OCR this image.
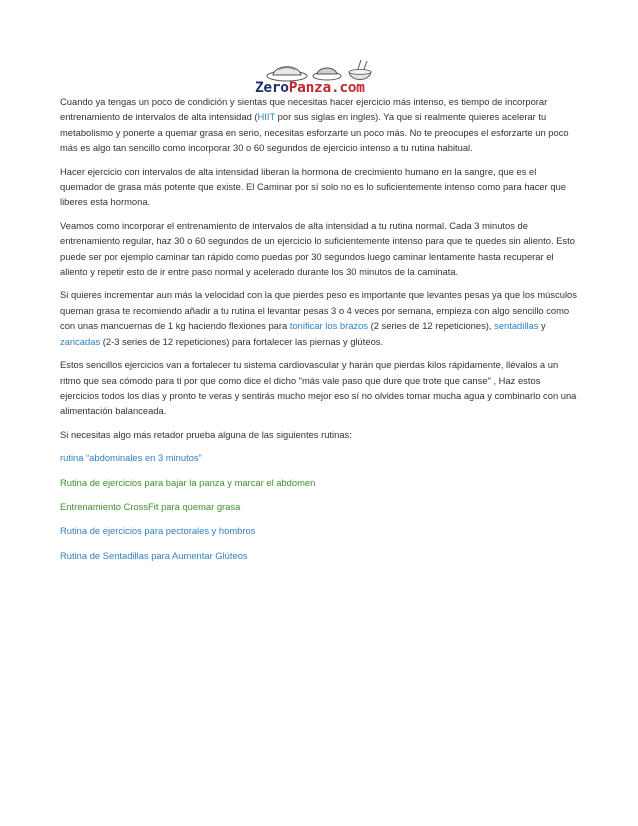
ZeroPanza.com

Cuando ya tengas un poco de condición y sientas que necesitas hacer ejercicio más intenso, es tiempo de incorporar entrenamiento de intervalos de alta intensidad (HIIT por sus siglas en ingles). Ya que si realmente quieres acelerar tu metabolismo y ponerte a quemar grasa en serio, necesitas esforzarte un poco más. No te preocupes el esforzarte un poco más es algo tan sencillo como incorporar 30 o 60 segundos de ejercicio intenso a tu rutina habitual.

Hacer ejercicio con intervalos de alta intensidad liberan la hormona de crecimiento humano en la sangre, que es el quemador de grasa más potente que existe. El Caminar por sí solo no es lo suficientemente intenso como para hacer que liberes esta hormona.

Veamos como incorporar el entrenamiento de intervalos de alta intensidad a tu rutina normal. Cada 3 minutos de entrenamiento regular, haz 30 o 60 segundos de un ejercicio lo suficientemente intenso para que te quedes sin aliento. Esto puede ser por ejemplo caminar tan rápido como puedas por 30 segundos luego caminar lentamente hasta recuperar el aliento y repetir esto de ir entre paso normal y acelerado durante los 30 minutos de la caminata.

Si quieres incrementar aun más la velocidad con la que pierdes peso es importante que levantes pesas ya que los músculos queman grasa te recomiendo añadir a tu rutina el levantar pesas 3 o 4 veces por semana, empieza con algo sencillo como con unas mancuernas de 1 kg haciendo flexiones para tonificar los brazos (2 series de 12 repeticiones), sentadillas y zancadas (2-3 series de 12 repeticiones) para fortalecer las piernas y glúteos.

Estos sencillos ejercicios van a fortalecer tu sistema cardiovascular y harán que pierdas kilos rápidamente, llévalos a un ritmo que sea cómodo para ti por que como dice el dicho "más vale paso que dure que trote que canse" , Haz estos ejercicios todos los días y pronto te veras y sentirás mucho mejor eso sí no olvides tomar mucha agua y combinarlo con una alimentación balanceada.

Si necesitas algo más retador prueba alguna de las siguientes rutinas:

rutina “abdominales en 3 minutos”
Rutina de ejercicios para bajar la panza y marcar el abdomen
Entrenamiento CrossFit para quemar grasa
Rutina de ejercicios para pectorales y hombros
Rutina de Sentadillas para Aumentar Glúteos
